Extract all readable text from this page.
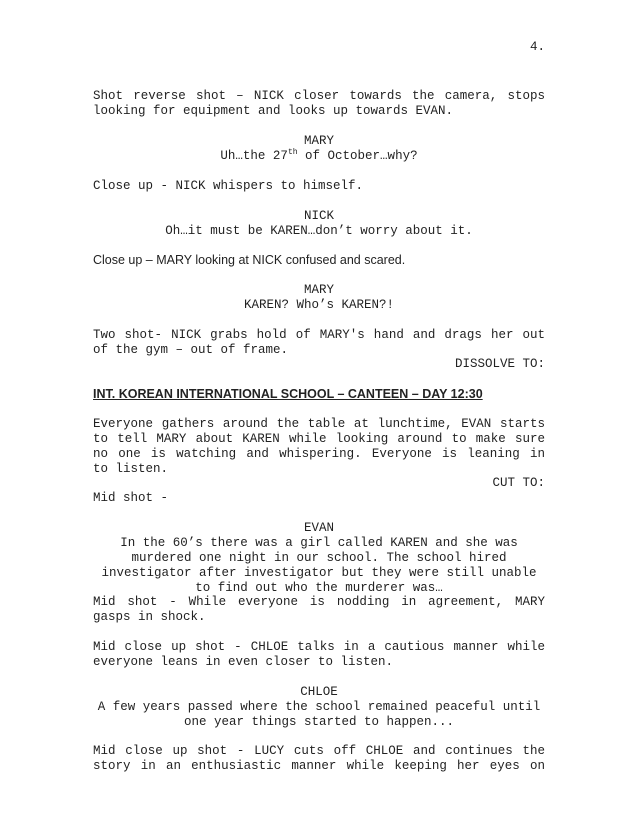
4.
Shot reverse shot – NICK closer towards the camera, stops
looking for equipment and looks up towards EVAN.
MARY
Uh…the 27th of October…why?
Close up - NICK whispers to himself.
NICK
Oh…it must be KAREN…don’t worry about it.
Close up – MARY looking at NICK confused and scared.
MARY
KAREN? Who’s KAREN?!
Two shot- NICK grabs hold of MARY's hand and drags her out
of the gym – out of frame.
DISSOLVE TO:
INT. KOREAN INTERNATIONAL SCHOOL – CANTEEN – DAY 12:30
Everyone gathers around the table at lunchtime, EVAN starts
to tell MARY about KAREN while looking around to make sure
no one is watching and whispering. Everyone is leaning in
to listen.
CUT TO:
Mid shot -
EVAN
In the 60’s there was a girl called KAREN and she was
murdered one night in our school. The school hired
investigator after investigator but they were still unable
to find out who the murderer was…
Mid shot - While everyone is nodding in agreement, MARY
gasps in shock.
Mid close up shot - CHLOE talks in a cautious manner while
everyone leans in even closer to listen.
CHLOE
A few years passed where the school remained peaceful until
one year things started to happen...
Mid close up shot - LUCY cuts off CHLOE and continues the
story in an enthusiastic manner while keeping her eyes on
